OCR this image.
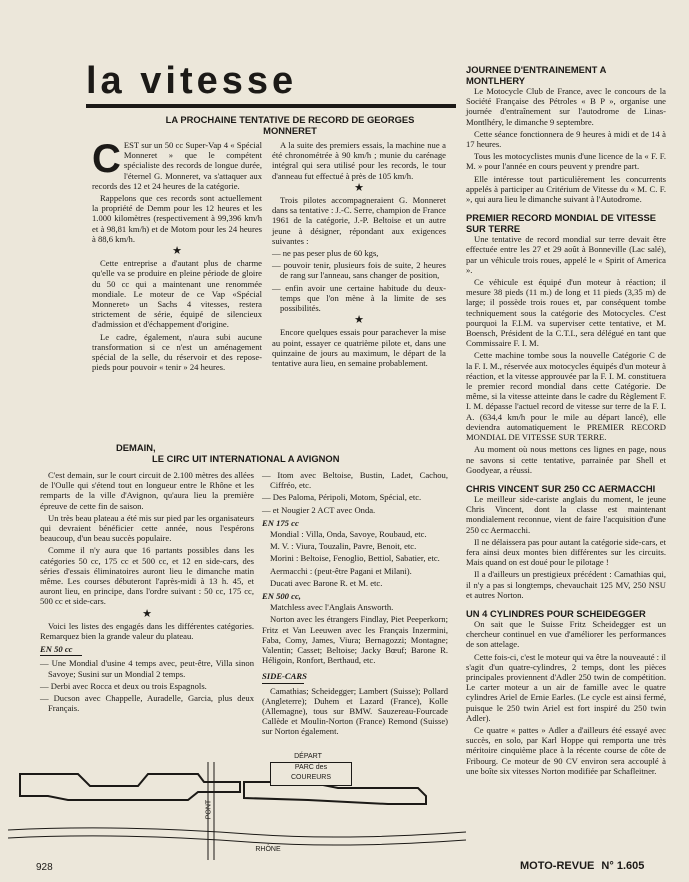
la vitesse
LA PROCHAINE TENTATIVE DE RECORD DE GEORGES MONNERET

CEST sur un 50 cc Super-Vap 4 « Spécial Monneret » que le compétent spécialiste des records de longue durée, l'éternel G. Monneret, va s'attaquer aux records des 12 et 24 heures de la catégorie.

Rappelons que ces records sont actuellement la propriété de Demm pour les 12 heures et les 1.000 kilomètres (respectivement à 99,396 km/h et à 98,81 km/h) et de Motom pour les 24 heures à 88,6 km/h.

★

Cette entreprise a d'autant plus de charme qu'elle va se produire en pleine période de gloire du 50 cc qui a maintenant une renommée mondiale. Le moteur de ce Vap «Spécial Monneret» un Sachs 4 vitesses, restera strictement de série, équipé de silencieux d'admission et d'échappement d'origine.

Le cadre, également, n'aura subi aucune transformation si ce n'est un aménagement spécial de la selle, du réservoir et des repose-pieds pour pouvoir « tenir » 24 heures.

A la suite des premiers essais, la machine nue a été chronométrée à 90 km/h ; munie du carénage intégral qui sera utilisé pour les records, le tour d'anneau fut effectué à près de 105 km/h.

★

Trois pilotes accompagneraient G. Monneret dans sa tentative : J.-C. Serre, champion de France 1961 de la catégorie, J.-P. Beltoise et un autre jeune à désigner, répondant aux exigences suivantes :

— ne pas peser plus de 60 kgs,

— pouvoir tenir, plusieurs fois de suite, 2 heures de rang sur l'anneau, sans changer de position,

— enfin avoir une certaine habitude du deux-temps que l'on mène à la limite de ses possibilités.

★

Encore quelques essais pour parachever la mise au point, essayer ce quatrième pilote et, dans une quinzaine de jours au maximum, le départ de la tentative aura lieu, en semaine probablement.

DEMAIN,
LE CIRC UIT INTERNATIONAL A AVIGNON

C'est demain, sur le court circuit de 2.100 mètres des allées de l'Oulle qui s'étend tout en longueur entre le Rhône et les remparts de la ville d'Avignon, qu'aura lieu la première épreuve de cette fin de saison.

Un très beau plateau a été mis sur pied par les organisateurs qui devraient bénéficier cette année, nous l'espérons beaucoup, d'un beau succès populaire.

Comme il n'y aura que 16 partants possibles dans les catégories 50 cc, 175 cc et 500 cc, et 12 en side-cars, des séries d'essais éliminatoires auront lieu le dimanche matin même. Les courses débuteront l'après-midi à 13 h. 45, et auront lieu, en principe, dans l'ordre suivant : 50 cc, 175 cc, 500 cc et side-cars.

★

Voici les listes des engagés dans les différentes catégories. Remarquez bien la grande valeur du plateau.

EN 50 cc

— Une Mondial d'usine 4 temps avec, peut-être, Villa sinon Savoye; Susini sur un Mondial 2 temps.

— Derbi avec Rocca et deux ou trois Espagnols.

— Ducson avec Chappelle, Auradelle, Garcia, plus deux Français.

— Itom avec Beltoise, Bustin, Ladet, Cachou, Ciffréo, etc.

— Des Paloma, Péripoli, Motom, Spécial, etc.

— et Nougier 2 ACT avec Onda.

EN 175 cc

Mondial : Villa, Onda, Savoye, Roubaud, etc.

M. V. : Viura, Touzalin, Pavre, Benoit, etc.

Morini : Beltoise, Fenoglio, Bettiol, Sabatier, etc.

Aermacchi : (peut-être Pagani et Milani).

Ducati avec Barone R. et M. etc.

EN 500 cc,

Matchless avec l'Anglais Answorth.

Norton avec les étrangers Findlay, Piet Peeperkorn; Fritz et Van Leeuwen avec les Français Inzermini, Faba, Comy, James, Viura; Bernagozzi; Montagne; Valentin; Casset; Beltoise; Jacky Bœuf; Barone R. Héligoin, Ronfort, Berthaud, etc.

SIDE-CARS

Camathias; Scheidegger; Lambert (Suisse); Pollard (Angleterre); Duhem et Lazard (France), Kolle (Allemagne), tous sur BMW. Sauzereau-Fourcade Callède et Moulin-Norton (France) Remond (Suisse) sur Norton également.

DÉPART
PARC des
COUREURS
PONT
RHÔNE
JOURNEE D'ENTRAINEMENT A MONTLHERY

Le Motocycle Club de France, avec le concours de la Société Française des Pétroles « B P », organise une journée d'entraînement sur l'autodrome de Linas-Montlhéry, le dimanche 9 septembre.

Cette séance fonctionnera de 9 heures à midi et de 14 à 17 heures.

Tous les motocyclistes munis d'une licence de la « F. F. M. » pour l'année en cours peuvent y prendre part.

Elle intéresse tout particulièrement les concurrents appelés à participer au Critérium de Vitesse du « M. C. F. », qui aura lieu le dimanche suivant à l'Autodrome.

PREMIER RECORD MONDIAL DE VITESSE SUR TERRE

Une tentative de record mondial sur terre devait être effectuée entre les 27 et 29 août à Bonneville (Lac salé), par un véhicule trois roues, appelé le « Spirit of America ».

Ce véhicule est équipé d'un moteur à réaction; il mesure 38 pieds (11 m.) de long et 11 pieds (3,35 m) de large; il possède trois roues et, par conséquent tombe techniquement sous la catégorie des Motocycles. C'est pourquoi la F.I.M. va superviser cette tentative, et M. Boensch, Président de la C.T.I., sera délégué en tant que Commissaire F. I. M.

Cette machine tombe sous la nouvelle Catégorie C de la F. I. M., réservée aux motocycles équipés d'un moteur à réaction, et la vitesse approuvée par la F. I. M. constituera le premier record mondial dans cette Catégorie. De même, si la vitesse atteinte dans le cadre du Règlement F. I. M. dépasse l'actuel record de vitesse sur terre de la F. I. A. (634,4 km/h pour le mile au départ lancé), elle deviendra automatiquement le PREMIER RECORD MONDIAL DE VITESSE SUR TERRE.

Au moment où nous mettons ces lignes en page, nous ne savons si cette tentative, parrainée par Shell et Goodyear, a réussi.

CHRIS VINCENT SUR 250 CC AERMACCHI

Le meilleur side-cariste anglais du moment, le jeune Chris Vincent, dont la classe est maintenant mondialement reconnue, vient de faire l'acquisition d'une 250 cc Aermacchi.

Il ne délaissera pas pour autant la catégorie side-cars, et fera ainsi deux montes bien différentes sur les circuits. Mais quand on est doué pour le pilotage !

Il a d'ailleurs un prestigieux précédent : Camathias qui, il n'y a pas si longtemps, chevauchait 125 MV, 250 NSU et autres Norton.

UN 4 CYLINDRES POUR SCHEIDEGGER

On sait que le Suisse Fritz Scheidegger est un chercheur continuel en vue d'améliorer les performances de son attelage.

Cette fois-ci, c'est le moteur qui va être la nouveauté : il s'agit d'un quatre-cylindres, 2 temps, dont les pièces principales proviennent d'Adler 250 twin de compétition. Le carter moteur a un air de famille avec le quatre cylindres Ariel de Ernie Earles. (Le cycle est ainsi fermé, puisque le 250 twin Ariel est fort inspiré du 250 twin Adler).

Ce quatre « pattes » Adler a d'ailleurs été essayé avec succès, en solo, par Karl Hoppe qui remporta une très méritoire cinquième place à la récente course de côte de Fribourg. Ce moteur de 90 CV environ sera accouplé à une boîte six vitesses Norton modifiée par Schafleitner.

928	MOTO-REVUE N° 1.605
